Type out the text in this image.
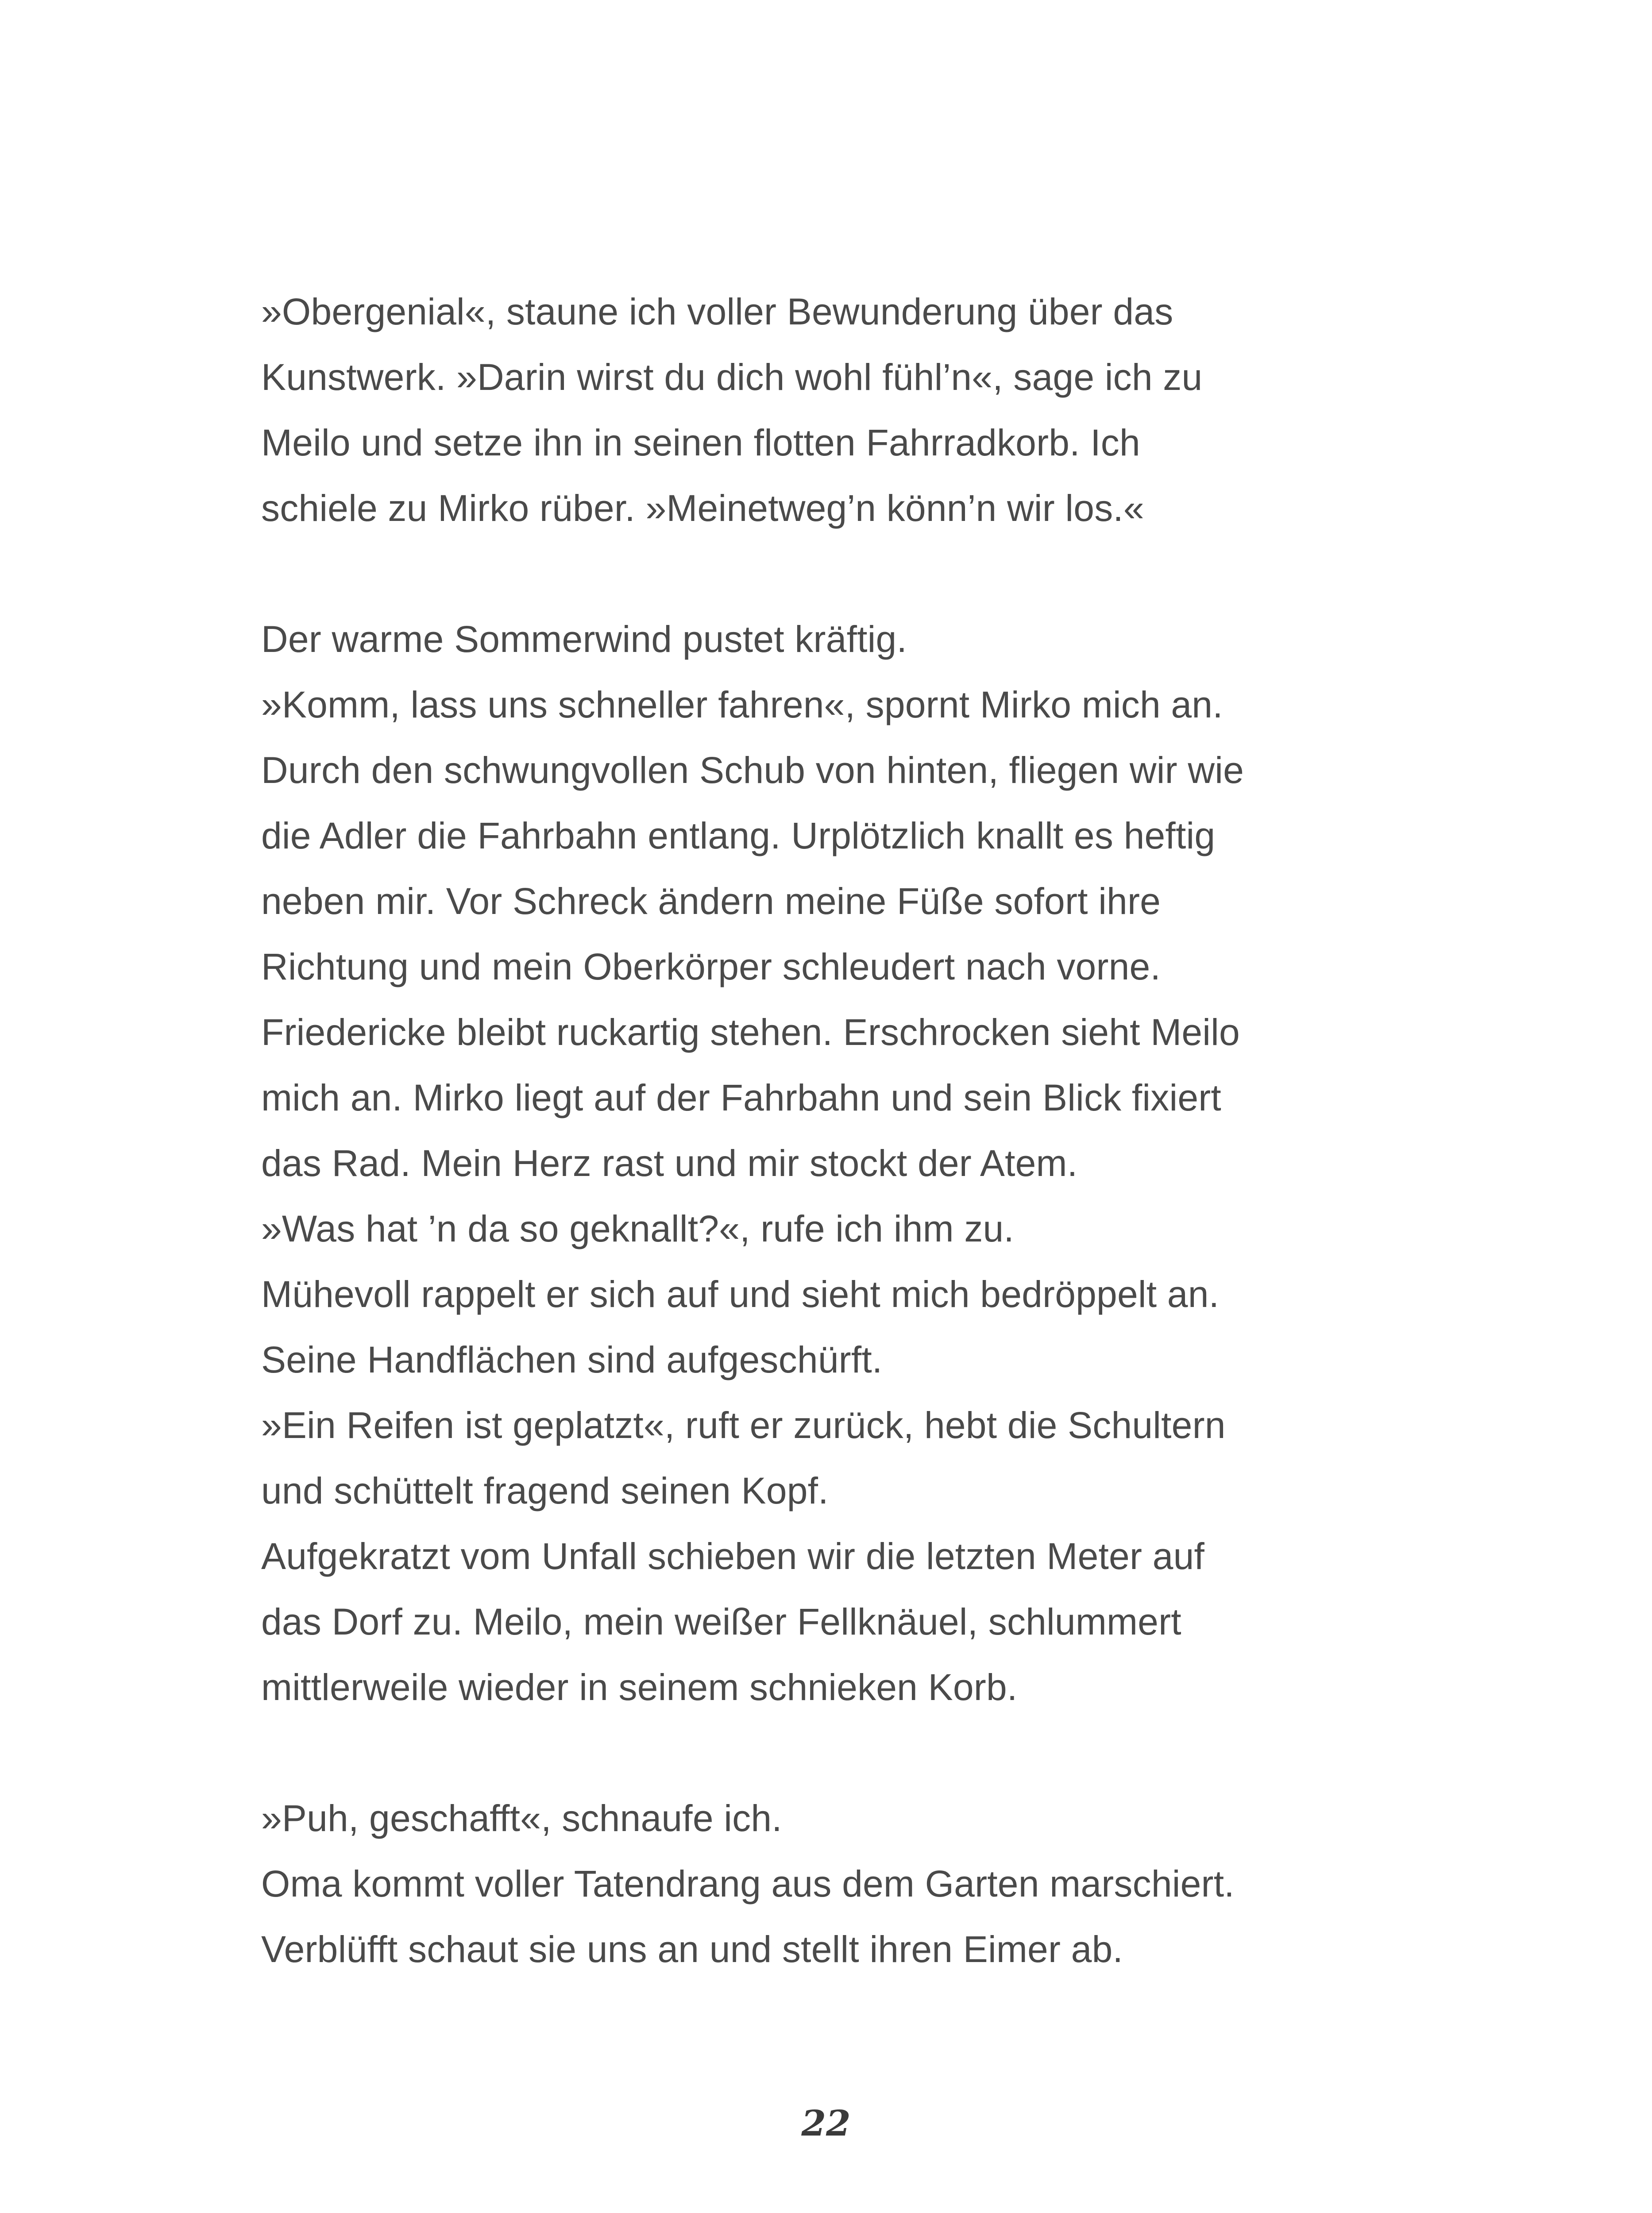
»Obergenial«, staune ich voller Bewunderung über das
Kunstwerk. »Darin wirst du dich wohl fühl’n«, sage ich zu
Meilo und setze ihn in seinen flotten Fahrradkorb. Ich
schiele zu Mirko rüber. »Meinetweg’n könn’n wir los.«
Der warme Sommerwind pustet kräftig.
»Komm, lass uns schneller fahren«, spornt Mirko mich an.
Durch den schwungvollen Schub von hinten, fliegen wir wie
die Adler die Fahrbahn entlang. Urplötzlich knallt es heftig
neben mir. Vor Schreck ändern meine Füße sofort ihre
Richtung und mein Oberkörper schleudert nach vorne.
Friedericke bleibt ruckartig stehen. Erschrocken sieht Meilo
mich an. Mirko liegt auf der Fahrbahn und sein Blick fixiert
das Rad. Mein Herz rast und mir stockt der Atem.
»Was hat ’n da so geknallt?«, rufe ich ihm zu.
Mühevoll rappelt er sich auf und sieht mich bedröppelt an.
Seine Handflächen sind aufgeschürft.
»Ein Reifen ist geplatzt«, ruft er zurück, hebt die Schultern
und schüttelt fragend seinen Kopf.
Aufgekratzt vom Unfall schieben wir die letzten Meter auf
das Dorf zu. Meilo, mein weißer Fellknäuel, schlummert
mittlerweile wieder in seinem schnieken Korb.
»Puh, geschafft«, schnaufe ich.
Oma kommt voller Tatendrang aus dem Garten marschiert.
Verblüfft schaut sie uns an und stellt ihren Eimer ab.
22
